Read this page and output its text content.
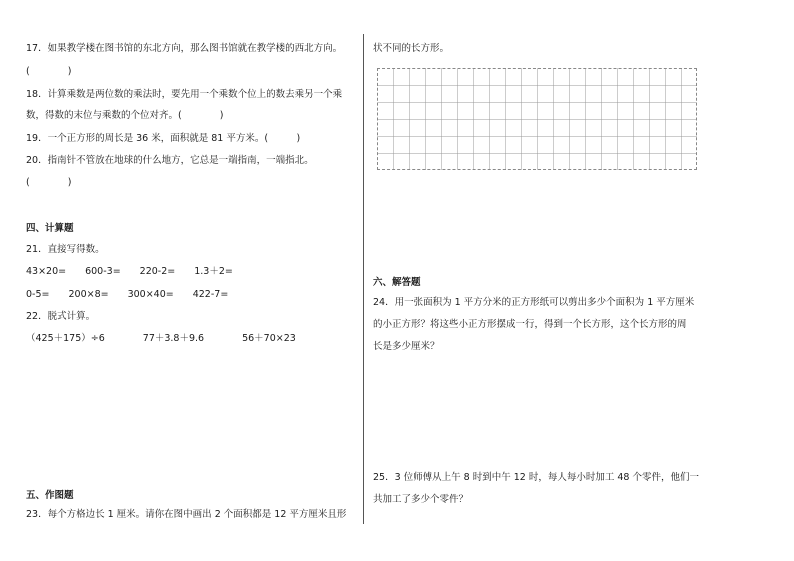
17．如果教学楼在图书馆的东北方向，那么图书馆就在教学楼的西北方向。
(　　　　)
18．计算乘数是两位数的乘法时，要先用一个乘数个位上的数去乘另一个乘
数，得数的末位与乘数的个位对齐。(　　　　)
19．一个正方形的周长是 36 米，面积就是 81 平方米。(　　　)
20．指南针不管放在地球的什么地方，它总是一端指南，一端指北。
(　　　　)
四、计算题
21．直接写得数。
43×20=　　600-3=　　220-2=　　1.3＋2=
0-5=　　200×8=　　300×40=　　422-7=
22．脱式计算。
（425＋175）÷6　　　　77＋3.8＋9.6　　　　56＋70×23
五、作图题
23．每个方格边长 1 厘米。请你在图中画出 2 个面积都是 12 平方厘米且形
状不同的长方形。
六、解答题
24．用一张面积为 1 平方分米的正方形纸可以剪出多少个面积为 1 平方厘米
的小正方形？将这些小正方形摆成一行，得到一个长方形，这个长方形的周
长是多少厘米？
25．3 位师傅从上午 8 时到中午 12 时，每人每小时加工 48 个零件，他们一
共加工了多少个零件？
